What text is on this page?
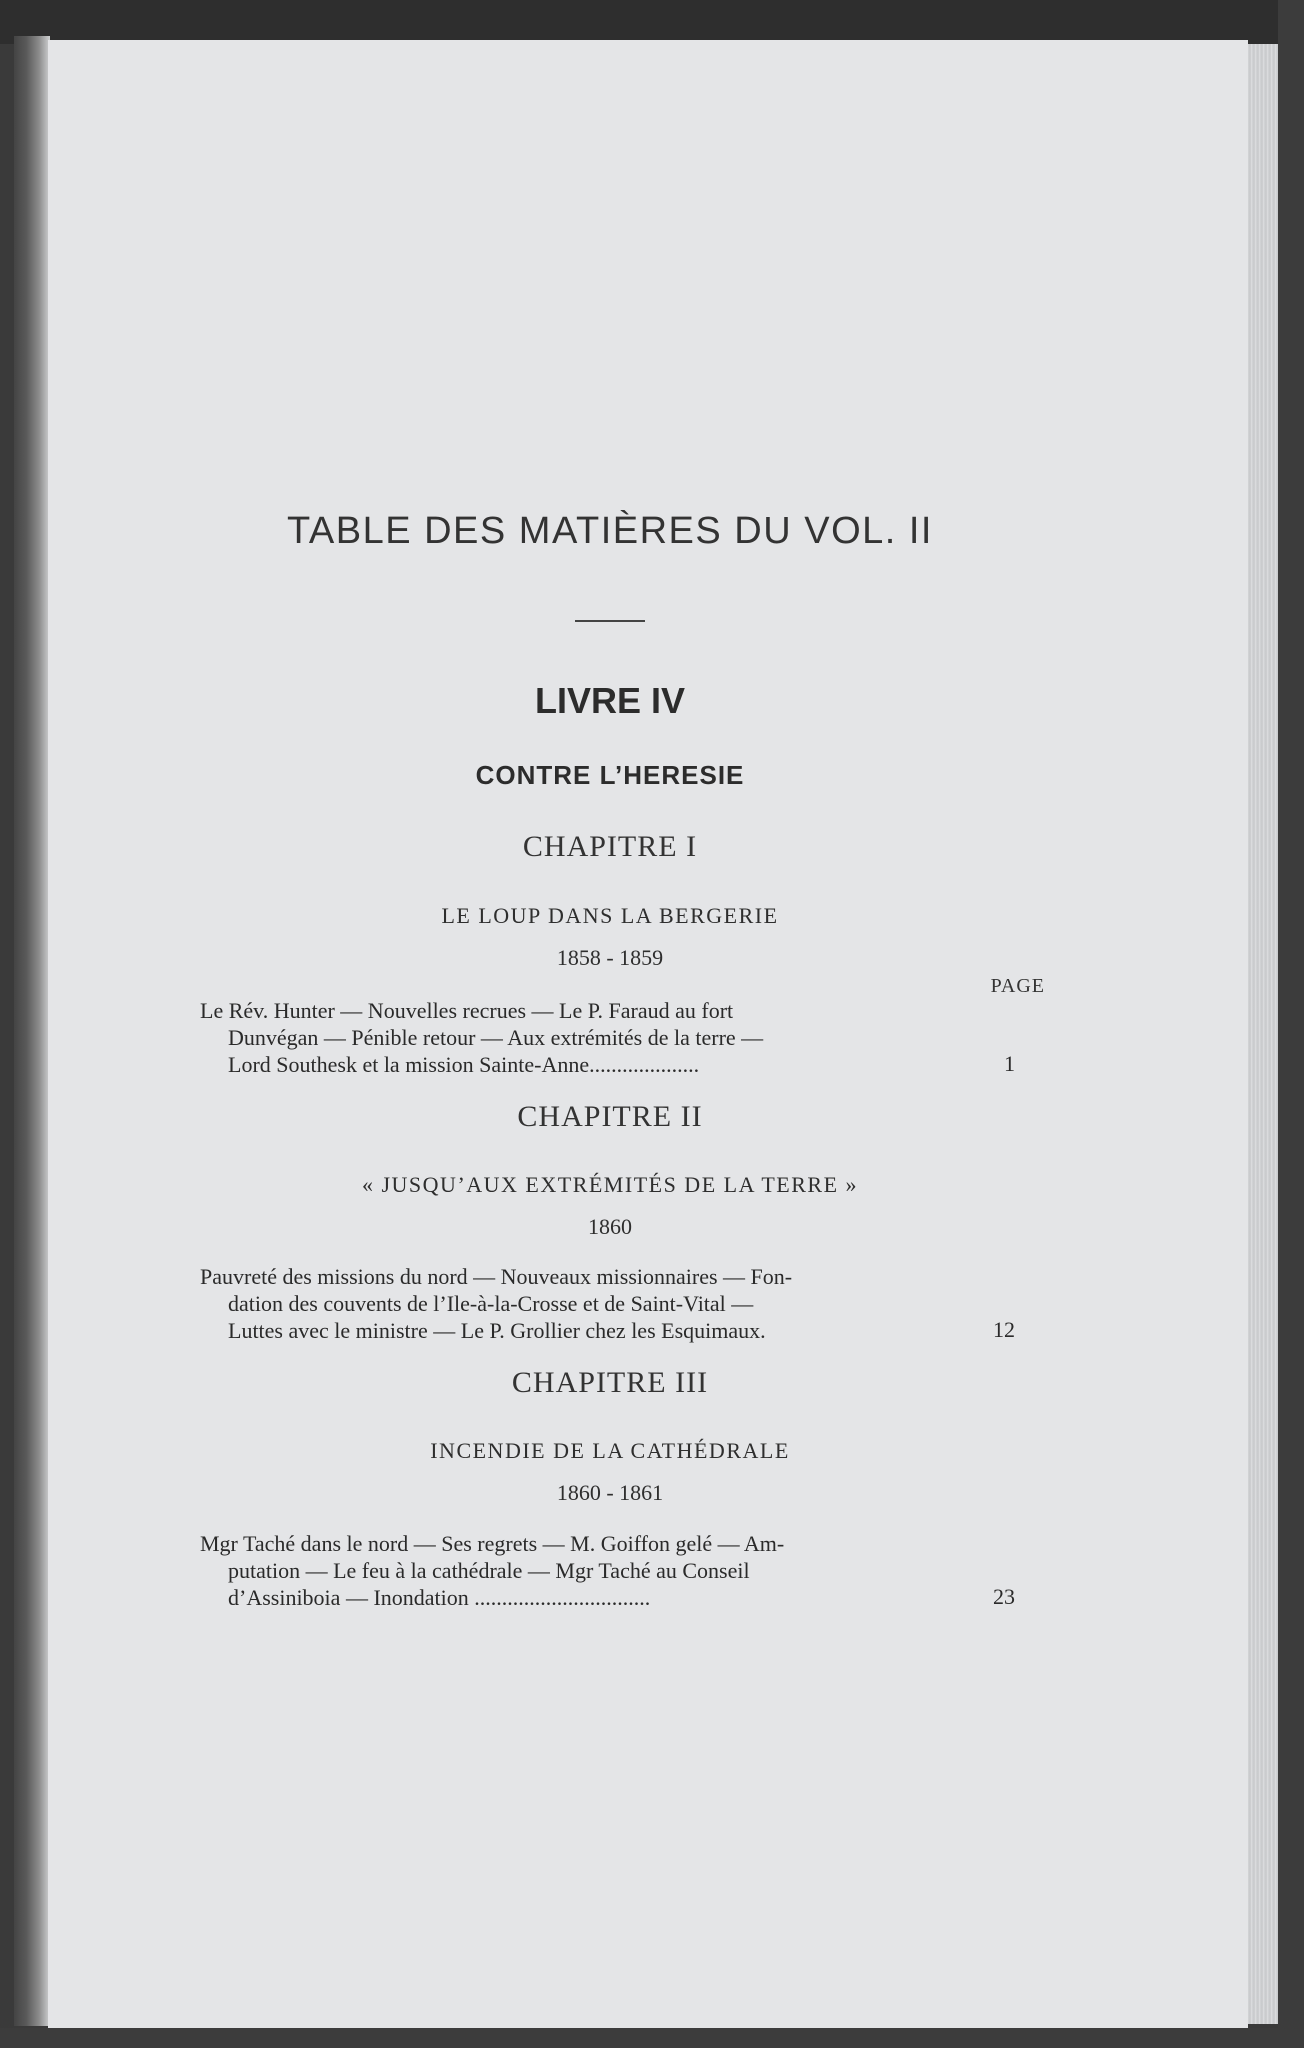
TABLE DES MATIÈRES DU VOL. II
LIVRE IV
CONTRE L’HERESIE
CHAPITRE I
LE LOUP DANS LA BERGERIE
1858 - 1859
PAGE
Le Rév. Hunter — Nouvelles recrues — Le P. Faraud au fort
Dunvégan — Pénible retour — Aux extrémités de la terre —
Lord Southesk et la mission Sainte-Anne....................	1
CHAPITRE II
« JUSQU’AUX EXTRÉMITÉS DE LA TERRE »
1860
Pauvreté des missions du nord — Nouveaux missionnaires — Fon-
dation des couvents de l’Ile-à-la-Crosse et de Saint-Vital —
Luttes avec le ministre — Le P. Grollier chez les Esquimaux.	12
CHAPITRE III
INCENDIE DE LA CATHÉDRALE
1860 - 1861
Mgr Taché dans le nord — Ses regrets — M. Goiffon gelé — Am-
putation — Le feu à la cathédrale — Mgr Taché au Conseil
d’Assiniboia — Inondation ................................	23
